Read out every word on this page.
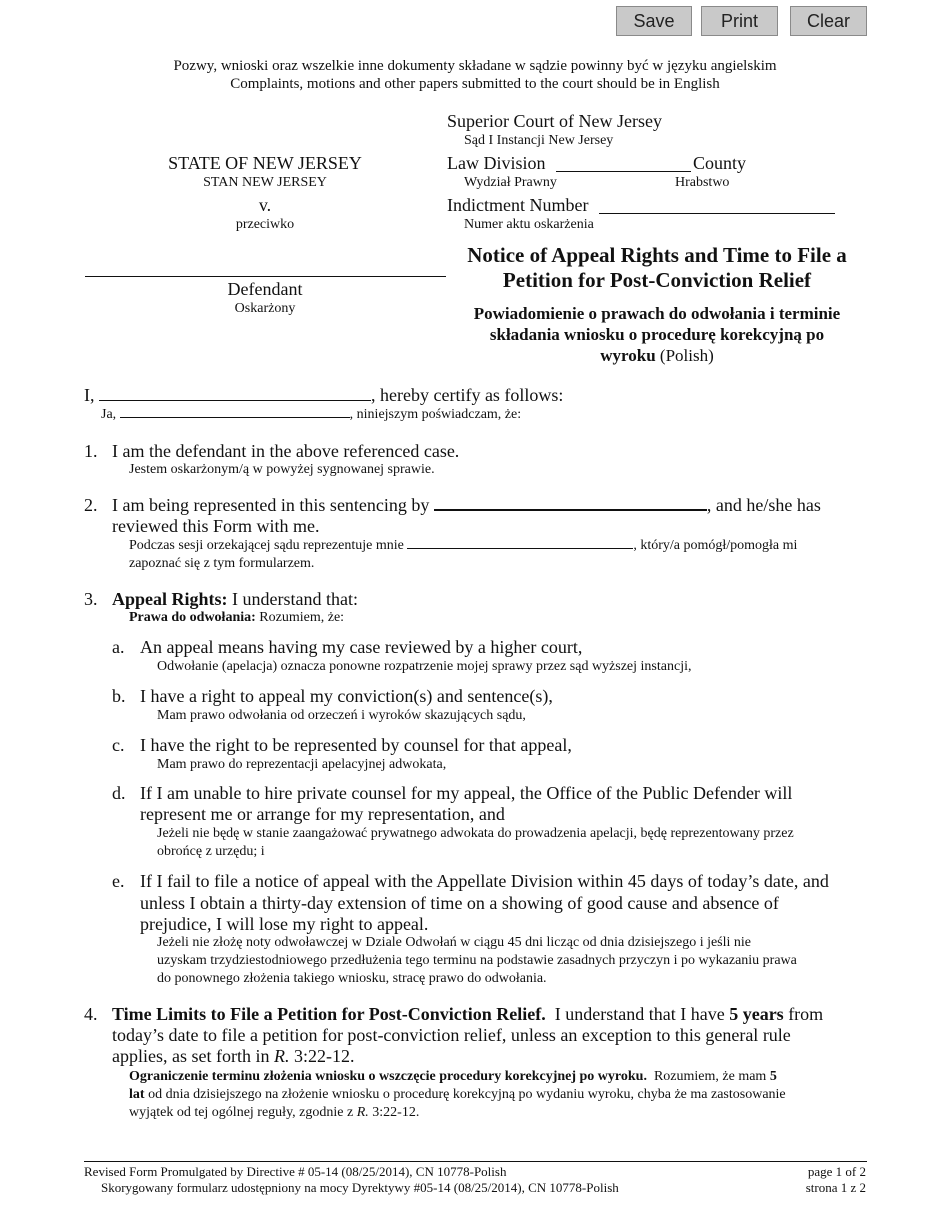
Save	Print	Clear
Pozwy, wnioski oraz wszelkie inne dokumenty składane w sądzie powinny być w języku angielskim
Complaints, motions and other papers submitted to the court should be in English
Superior Court of New Jersey
Sąd I Instancji New Jersey
Law Division	County
Wydział Prawny	Hrabstwo
Indictment Number
Numer aktu oskarżenia
STATE OF NEW JERSEY
STAN NEW JERSEY
v.
przeciwko
Defendant
Oskarżony
Notice of Appeal Rights and Time to File a
Petition for Post-Conviction Relief
Powiadomienie o prawach do odwołania i terminie
składania wniosku o procedurę korekcyjną po
wyroku (Polish)
I,	, hereby certify as follows:
Ja,	, niniejszym poświadczam, że:
1. I am the defendant in the above referenced case.
Jestem oskarżonym/ą w powyżej sygnowanej sprawie.
2. I am being represented in this sentencing by	, and he/she has
reviewed this Form with me.
Podczas sesji orzekającej sądu reprezentuje mnie	, który/a pomógł/pomogła mi
zapoznać się z tym formularzem.
3. Appeal Rights: I understand that:
Prawa do odwołania: Rozumiem, że:
a. An appeal means having my case reviewed by a higher court,
Odwołanie (apelacja) oznacza ponowne rozpatrzenie mojej sprawy przez sąd wyższej instancji,
b. I have a right to appeal my conviction(s) and sentence(s),
Mam prawo odwołania od orzeczeń i wyroków skazujących sądu,
c. I have the right to be represented by counsel for that appeal,
Mam prawo do reprezentacji apelacyjnej adwokata,
d. If I am unable to hire private counsel for my appeal, the Office of the Public Defender will
represent me or arrange for my representation, and
Jeżeli nie będę w stanie zaangażować prywatnego adwokata do prowadzenia apelacji, będę reprezentowany przez
obrońcę z urzędu; i
e. If I fail to file a notice of appeal with the Appellate Division within 45 days of today’s date, and
unless I obtain a thirty-day extension of time on a showing of good cause and absence of
prejudice, I will lose my right to appeal.
Jeżeli nie złożę noty odwoławczej w Dziale Odwołań w ciągu 45 dni licząc od dnia dzisiejszego i jeśli nie
uzyskam trzydziestodniowego przedłużenia tego terminu na podstawie zasadnych przyczyn i po wykazaniu prawa
do ponownego złożenia takiego wniosku, stracę prawo do odwołania.
4. Time Limits to File a Petition for Post-Conviction Relief. I understand that I have 5 years from
today’s date to file a petition for post-conviction relief, unless an exception to this general rule
applies, as set forth in R. 3:22-12.
Ograniczenie terminu złożenia wniosku o wszczęcie procedury korekcyjnej po wyroku. Rozumiem, że mam 5
lat od dnia dzisiejszego na złożenie wniosku o procedurę korekcyjną po wydaniu wyroku, chyba że ma zastosowanie
wyjątek od tej ogólnej reguły, zgodnie z R. 3:22-12.
Revised Form Promulgated by Directive # 05-14 (08/25/2014), CN 10778-Polish
Skorygowany formularz udostępniony na mocy Dyrektywy #05-14 (08/25/2014), CN 10778-Polish
page 1 of 2
strona 1 z 2
